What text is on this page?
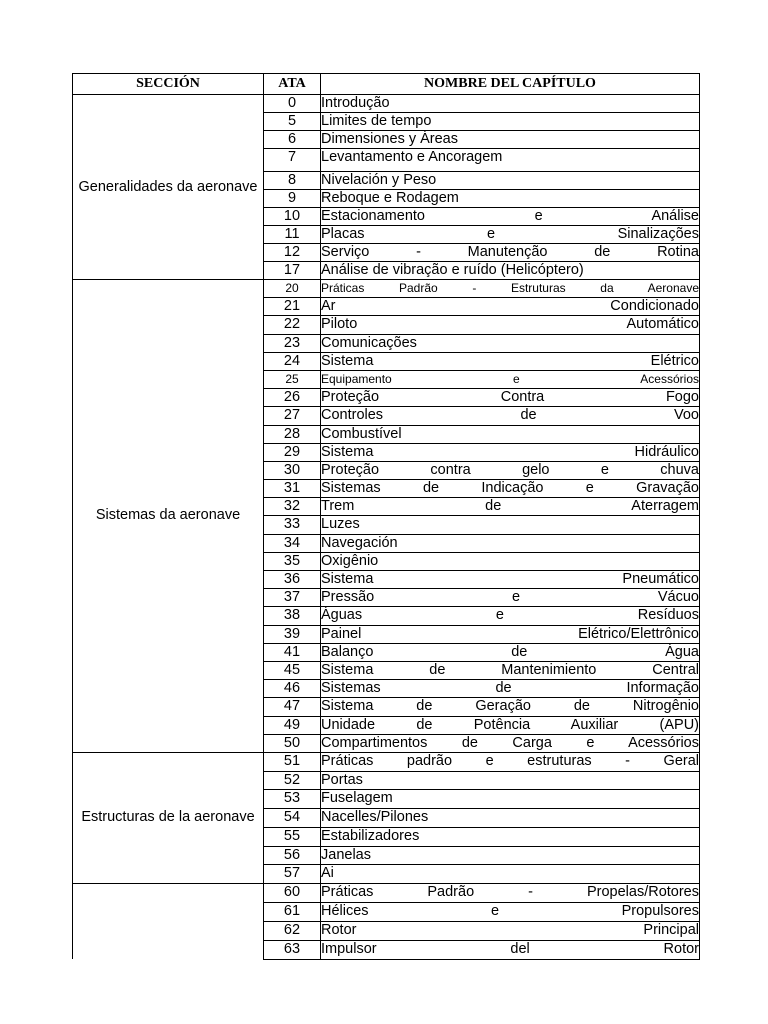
SECCIÓN	ATA	NOMBRE DEL CAPÍTULO
Generalidades da aeronave	0	Introdução
	5	Limites de tempo
	6	Dimensiones y Áreas
	7	Levantamento e Ancoragem
	8	Nivelación y Peso
	9	Reboque e Rodagem
	10	Estacionamento e Análise
	11	Placas e Sinalizações
	12	Serviço - Manutenção de Rotina
	17	Análise de vibração e ruído (Helicóptero)
Sistemas da aeronave	20	Práticas Padrão - Estruturas da Aeronave
	21	Ar Condicionado
	22	Piloto Automático
	23	Comunicações
	24	Sistema Elétrico
	25	Equipamento e Acessórios
	26	Proteção Contra Fogo
	27	Controles de Voo
	28	Combustível
	29	Sistema Hidráulico
	30	Proteção contra gelo e chuva
	31	Sistemas de Indicação e Gravação
	32	Trem de Aterragem
	33	Luzes
	34	Navegación
	35	Oxigênio
	36	Sistema Pneumático
	37	Pressão e Vácuo
	38	Águas e Resíduos
	39	Painel Elétrico/Elettrônico
	41	Balanço de Água
	45	Sistema de Mantenimiento Central
	46	Sistemas de Informação
	47	Sistema de Geração de Nitrogênio
	49	Unidade de Potência Auxiliar (APU)
	50	Compartimentos de Carga e Acessórios
Estructuras de la aeronave	51	Práticas padrão e estruturas - Geral
	52	Portas
	53	Fuselagem
	54	Nacelles/Pilones
	55	Estabilizadores
	56	Janelas
	57	Ai
	60	Práticas Padrão - Propelas/Rotores
	61	Hélices e Propulsores
	62	Rotor Principal
	63	Impulsor del Rotor
